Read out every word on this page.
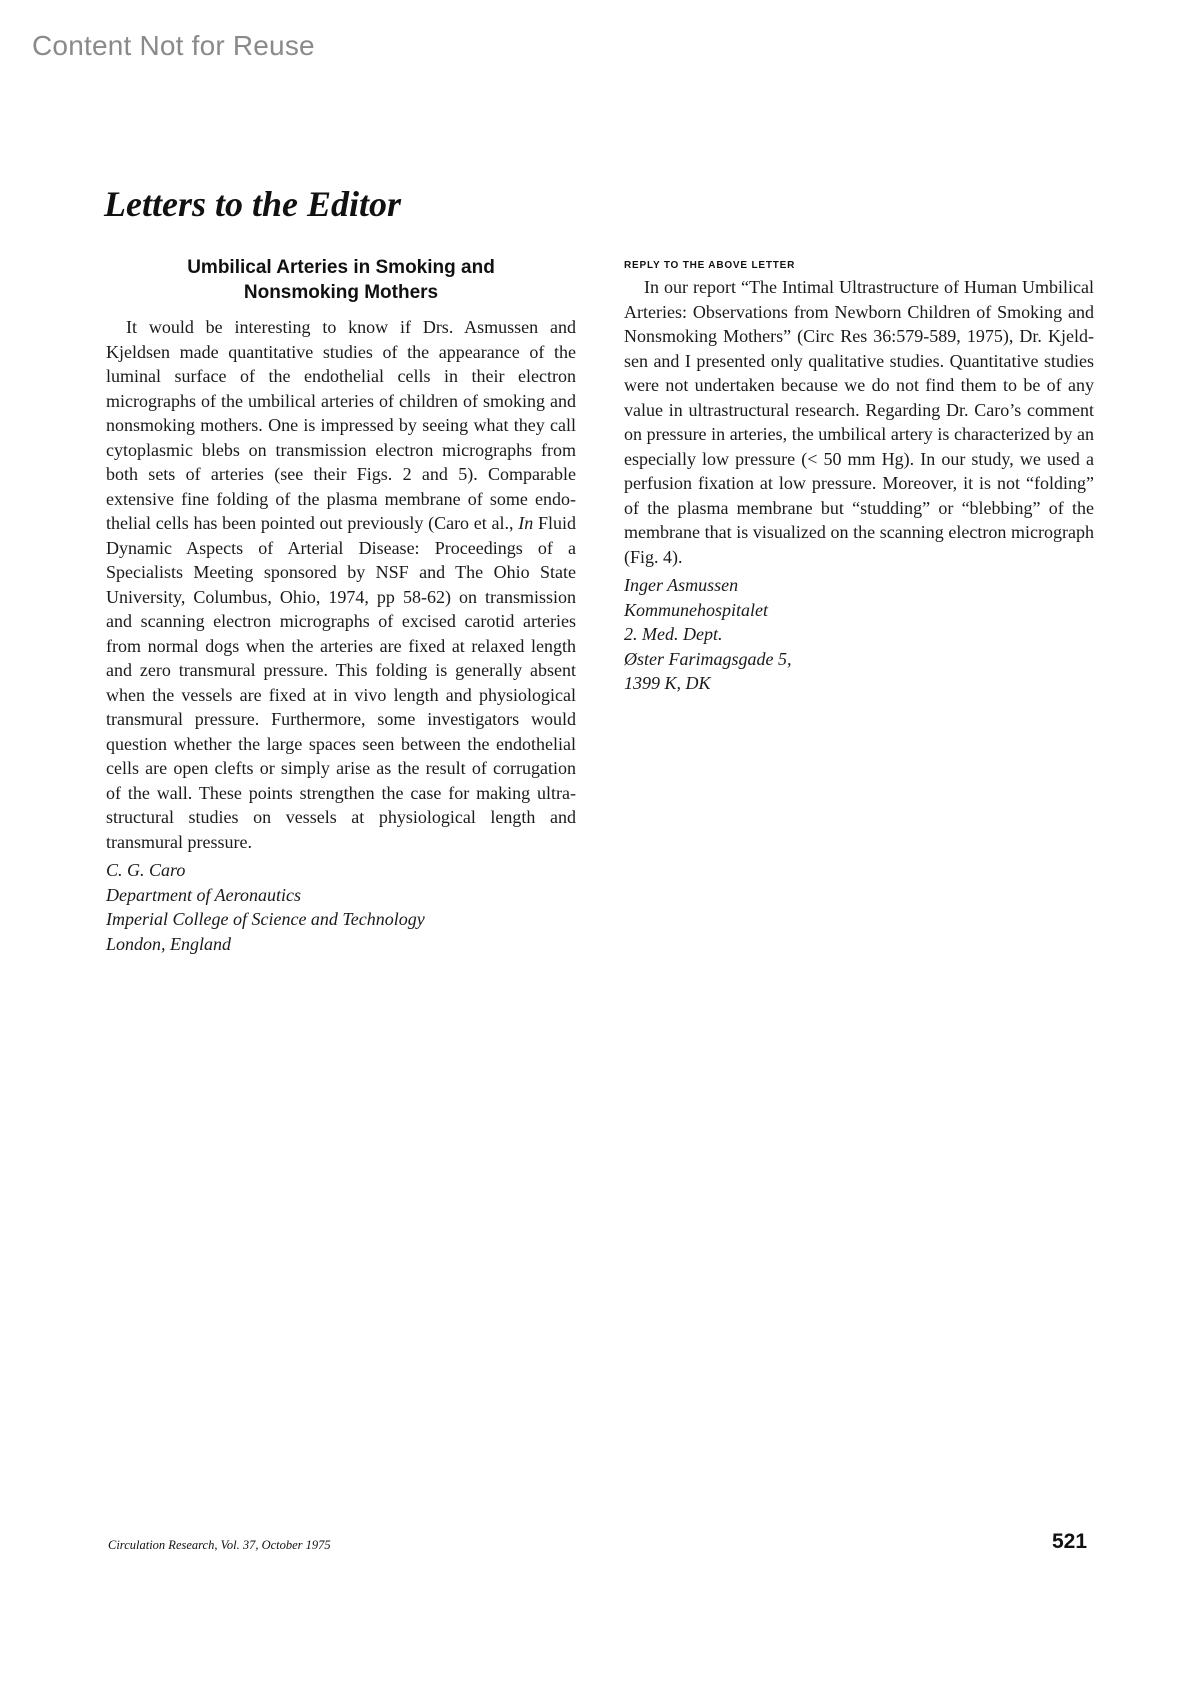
Content Not for Reuse
Letters to the Editor
Umbilical Arteries in Smoking and
Nonsmoking Mothers

It would be interesting to know if Drs. Asmussen and Kjeldsen made quantitative studies of the appearance of the luminal surface of the endothelial cells in their electron micrographs of the umbilical arteries of children of smoking and nonsmoking mothers. One is impressed by seeing what they call cytoplasmic blebs on transmission electron micrographs from both sets of arteries (see their Figs. 2 and 5). Comparable extensive fine folding of the plasma membrane of some endothelial cells has been pointed out previously (Caro et al., In Fluid Dynamic Aspects of Arterial Disease: Proceedings of a Specialists Meeting sponsored by NSF and The Ohio State University, Columbus, Ohio, 1974, pp 58-62) on transmission and scanning electron micrographs of excised carotid arteries from normal dogs when the arteries are fixed at relaxed length and zero transmural pressure. This folding is generally absent when the vessels are fixed at in vivo length and physiological transmural pressure. Furthermore, some investigators would question whether the large spaces seen between the endothelial cells are open clefts or simply arise as the result of corrugation of the wall. These points strengthen the case for making ultrastructural studies on vessels at physiological length and transmural pressure.

C. G. Caro
Department of Aeronautics
Imperial College of Science and Technology
London, England
REPLY TO THE ABOVE LETTER

In our report “The Intimal Ultrastructure of Human Umbilical Arteries: Observations from Newborn Children of Smoking and Nonsmoking Mothers” (Circ Res 36:579-589, 1975), Dr. Kjeldsen and I presented only qualitative studies. Quantitative studies were not undertaken because we do not find them to be of any value in ultrastructural research. Regarding Dr. Caro’s comment on pressure in arteries, the umbilical artery is characterized by an especially low pressure (< 50 mm Hg). In our study, we used a perfusion fixation at low pressure. Moreover, it is not “folding” of the plasma membrane but “studding” or “blebbing” of the membrane that is visualized on the scanning electron micrograph (Fig. 4).

Inger Asmussen
Kommunehospitalet
2. Med. Dept.
Øster Farimagsgade 5,
1399 K, DK
Circulation Research, Vol. 37, October 1975	521
